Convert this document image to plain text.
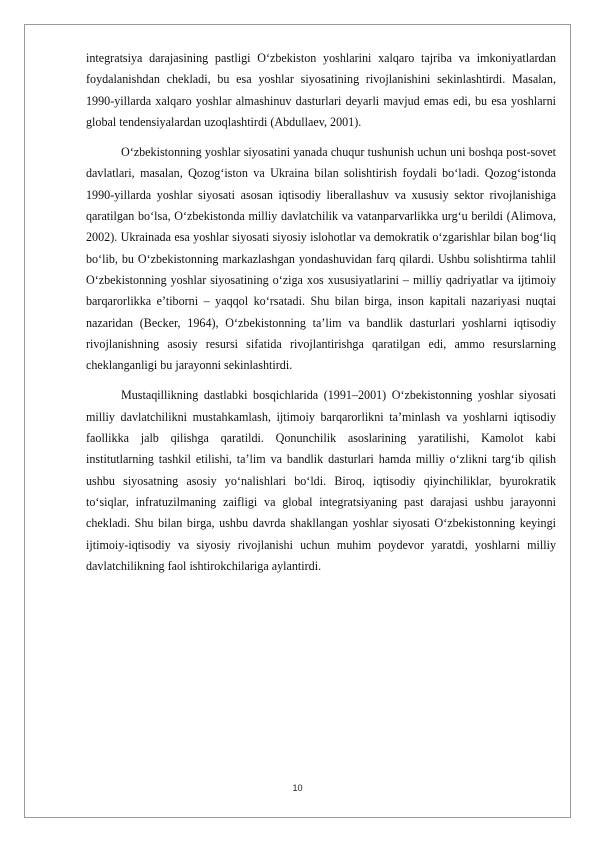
integratsiya darajasining pastligi O‘zbekiston yoshlarini xalqaro tajriba va imkoniyatlardan foydalanishdan chekladi, bu esa yoshlar siyosatining rivojlanishini sekinlashtirdi. Masalan, 1990-yillarda xalqaro yoshlar almashinuv dasturlari deyarli mavjud emas edi, bu esa yoshlarni global tendensiyalardan uzoqlashtirdi (Abdullaev, 2001).

O‘zbekistonning yoshlar siyosatini yanada chuqur tushunish uchun uni boshqa post-sovet davlatlari, masalan, Qozog‘iston va Ukraina bilan solishtirish foydali bo‘ladi. Qozog‘istonda 1990-yillarda yoshlar siyosati asosan iqtisodiy liberallashuv va xususiy sektor rivojlanishiga qaratilgan bo‘lsa, O‘zbekistonda milliy davlatchilik va vatanparvarlikka urg‘u berildi (Alimova, 2002). Ukrainada esa yoshlar siyosati siyosiy islohotlar va demokratik o‘zgarishlar bilan bog‘liq bo‘lib, bu O‘zbekistonning markazlashgan yondashuvidan farq qilardi. Ushbu solishtirma tahlil O‘zbekistonning yoshlar siyosatining o‘ziga xos xususiyatlarini – milliy qadriyatlar va ijtimoiy barqarorlikka e’tiborni – yaqqol ko‘rsatadi. Shu bilan birga, inson kapitali nazariyasi nuqtai nazaridan (Becker, 1964), O‘zbekistonning ta’lim va bandlik dasturlari yoshlarni iqtisodiy rivojlanishning asosiy resursi sifatida rivojlantirishga qaratilgan edi, ammo resurslarning cheklanganligi bu jarayonni sekinlashtirdi.

Mustaqillikning dastlabki bosqichlarida (1991–2001) O‘zbekistonning yoshlar siyosati milliy davlatchilikni mustahkamlash, ijtimoiy barqarorlikni ta’minlash va yoshlarni iqtisodiy faollikka jalb qilishga qaratildi. Qonunchilik asoslarining yaratilishi, Kamolot kabi institutlarning tashkil etilishi, ta’lim va bandlik dasturlari hamda milliy o‘zlikni targ‘ib qilish ushbu siyosatning asosiy yo‘nalishlari bo‘ldi. Biroq, iqtisodiy qiyinchiliklar, byurokratik to‘siqlar, infratuzilmaning zaifligi va global integratsiyaning past darajasi ushbu jarayonni chekladi. Shu bilan birga, ushbu davrda shakllangan yoshlar siyosati O‘zbekistonning keyingi ijtimoiy-iqtisodiy va siyosiy rivojlanishi uchun muhim poydevor yaratdi, yoshlarni milliy davlatchilikning faol ishtirokchilariga aylantirdi.

10
